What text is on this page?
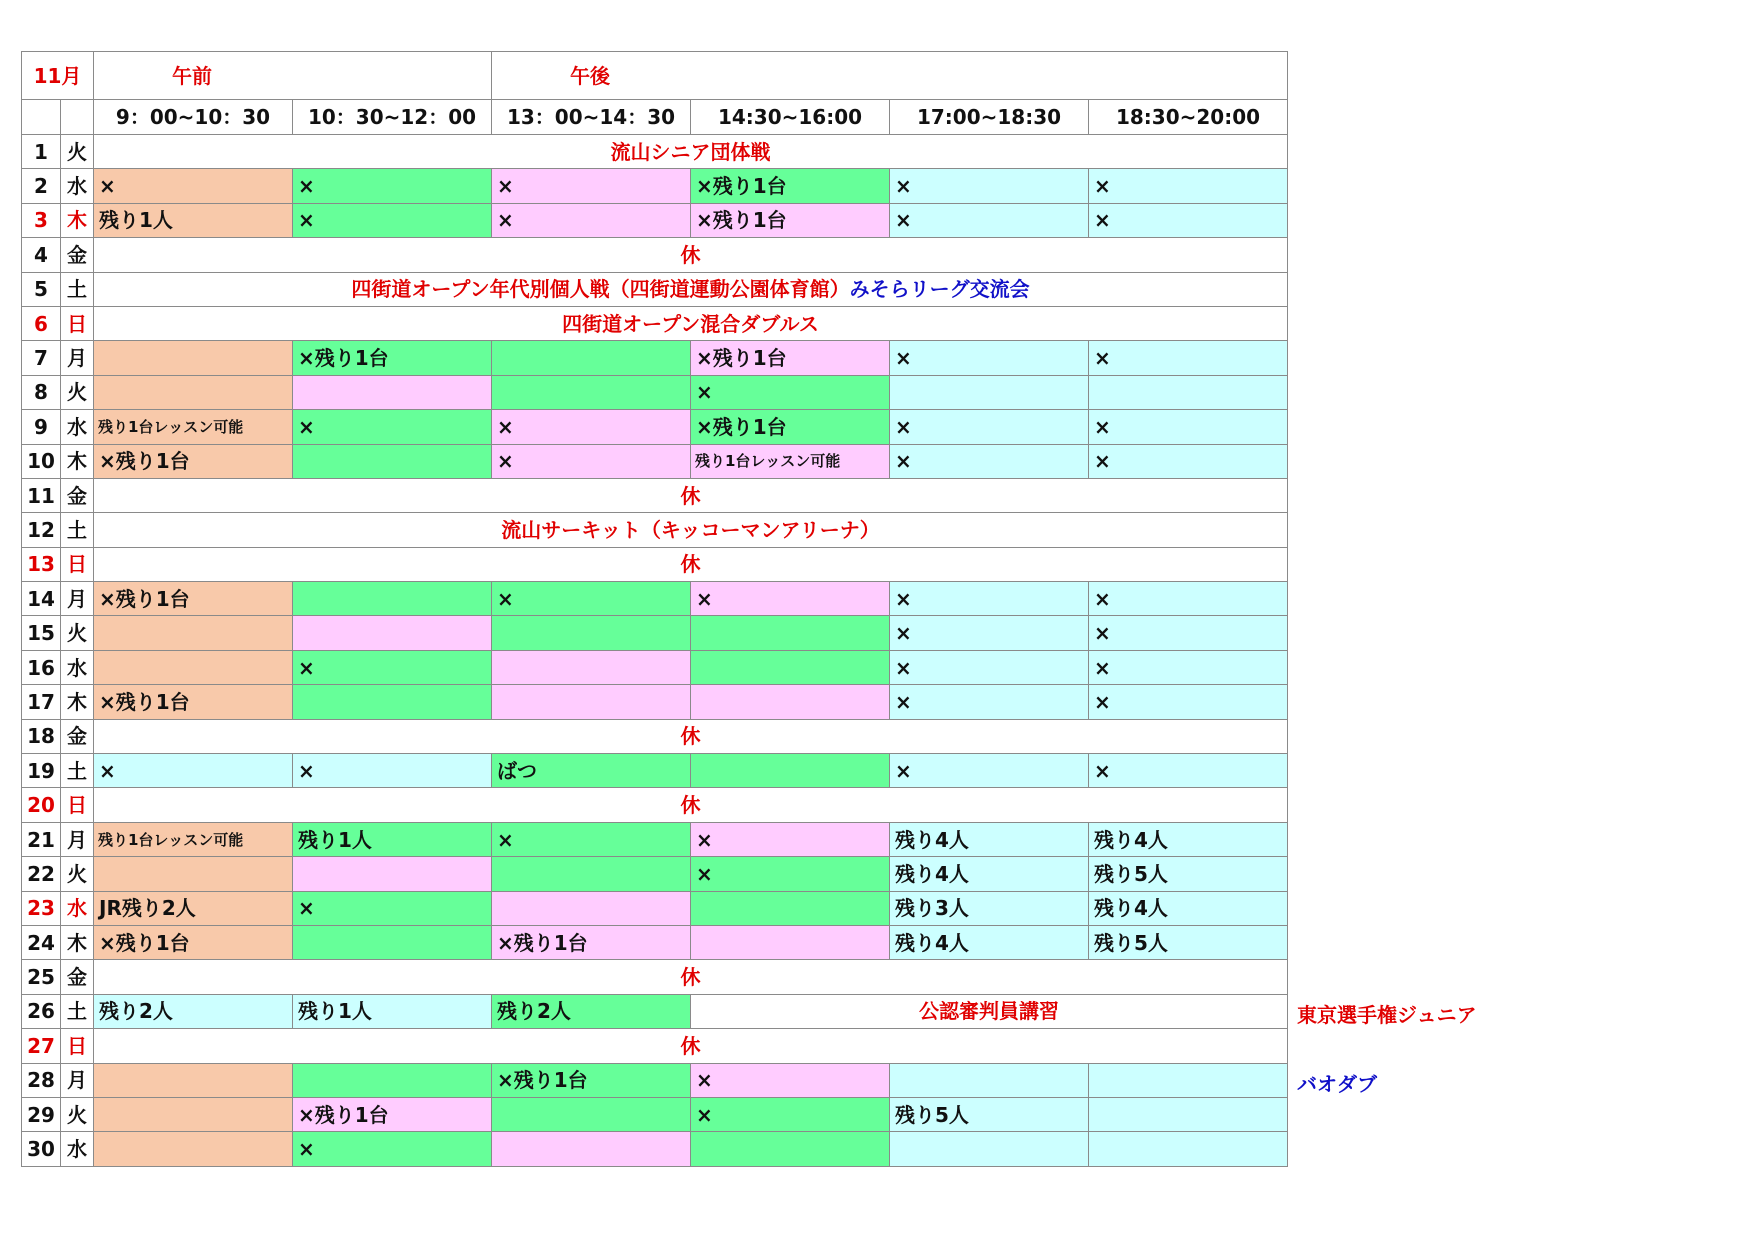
11月		午前		午後			
		9：00~10：30	10：30~12：00	13：00~14：30	14:30~16:00	17:00~18:30	18:30~20:00
1	火	流山シニア団体戦					
2	水	×	×	×	×残り1台	×	×
3	木	残り1人	×	×	×残り1台	×	×
4	金	休					
5	土	四街道オープン年代別個人戦（四街道運動公園体育館）みそらリーグ交流会					
6	日	四街道オープン混合ダブルス					
7	月		×残り1台		×残り1台	×	×
8	火				×		
9	水	残り1台レッスン可能	×	×	×残り1台	×	×
10	木	×残り1台		×	残り1台レッスン可能	×	×
11	金	休					
12	土	流山サーキット（キッコーマンアリーナ）					
13	日	休					
14	月	×残り1台		×	×	×	×
15	火					×	×
16	水		×			×	×
17	木	×残り1台				×	×
18	金	休					
19	土	×	×	ばつ		×	×
20	日	休					
21	月	残り1台レッスン可能	残り1人	×	×	残り4人	残り4人
22	火				×	残り4人	残り5人
23	水	JR残り2人	×			残り3人	残り4人
24	木	×残り1台		×残り1台		残り4人	残り5人
25	金	休					
26	土	残り2人	残り1人	残り2人	公認審判員講習		
27	日	休					
28	月			×残り1台	×		
29	火		×残り1台		×	残り5人	
30	水		×				
東京選手権ジュニア
バオダブ
